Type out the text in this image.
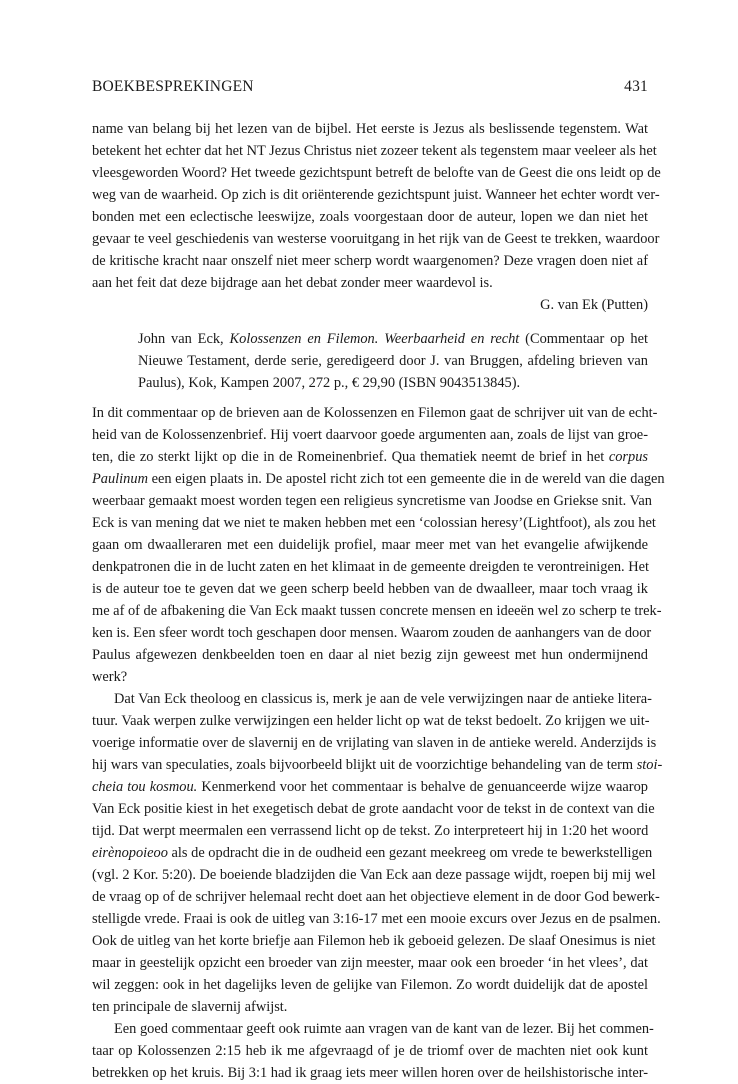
BOEKBESPREKINGEN	431
name van belang bij het lezen van de bijbel. Het eerste is Jezus als beslissende tegenstem. Wat
betekent het echter dat het NT Jezus Christus niet zozeer tekent als tegenstem maar veeleer als het
vleesgeworden Woord? Het tweede gezichtspunt betreft de belofte van de Geest die ons leidt op de
weg van de waarheid. Op zich is dit oriënterende gezichtspunt juist. Wanneer het echter wordt ver-
bonden met een eclectische leeswijze, zoals voorgestaan door de auteur, lopen we dan niet het
gevaar te veel geschiedenis van westerse vooruitgang in het rijk van de Geest te trekken, waardoor
de kritische kracht naar onszelf niet meer scherp wordt waargenomen? Deze vragen doen niet af
aan het feit dat deze bijdrage aan het debat zonder meer waardevol is.
G. van Ek (Putten)
John van Eck, Kolossenzen en Filemon. Weerbaarheid en recht (Commentaar op het
Nieuwe Testament, derde serie, geredigeerd door J. van Bruggen, afdeling brieven van
Paulus), Kok, Kampen 2007, 272 p., € 29,90 (ISBN 9043513845).
In dit commentaar op de brieven aan de Kolossenzen en Filemon gaat de schrijver uit van de echt-
heid van de Kolossenzenbrief. Hij voert daarvoor goede argumenten aan, zoals de lijst van groe-
ten, die zo sterkt lijkt op die in de Romeinenbrief. Qua thematiek neemt de brief in het corpus
Paulinum een eigen plaats in. De apostel richt zich tot een gemeente die in de wereld van die dagen
weerbaar gemaakt moest worden tegen een religieus syncretisme van Joodse en Griekse snit. Van
Eck is van mening dat we niet te maken hebben met een ‘colossian heresy’(Lightfoot), als zou het
gaan om dwaalleraren met een duidelijk profiel, maar meer met van het evangelie afwijkende
denkpatronen die in de lucht zaten en het klimaat in de gemeente dreigden te verontreinigen. Het
is de auteur toe te geven dat we geen scherp beeld hebben van de dwaalleer, maar toch vraag ik
me af of de afbakening die Van Eck maakt tussen concrete mensen en ideeën wel zo scherp te trek-
ken is. Een sfeer wordt toch geschapen door mensen. Waarom zouden de aanhangers van de door
Paulus afgewezen denkbeelden toen en daar al niet bezig zijn geweest met hun ondermijnend
werk?
Dat Van Eck theoloog en classicus is, merk je aan de vele verwijzingen naar de antieke litera-
tuur. Vaak werpen zulke verwijzingen een helder licht op wat de tekst bedoelt. Zo krijgen we uit-
voerige informatie over de slavernij en de vrijlating van slaven in de antieke wereld. Anderzijds is
hij wars van speculaties, zoals bijvoorbeeld blijkt uit de voorzichtige behandeling van de term stoi-
cheia tou kosmou. Kenmerkend voor het commentaar is behalve de genuanceerde wijze waarop
Van Eck positie kiest in het exegetisch debat de grote aandacht voor de tekst in de context van die
tijd. Dat werpt meermalen een verrassend licht op de tekst. Zo interpreteert hij in 1:20 het woord
eirènopoieoo als de opdracht die in de oudheid een gezant meekreeg om vrede te bewerkstelligen
(vgl. 2 Kor. 5:20). De boeiende bladzijden die Van Eck aan deze passage wijdt, roepen bij mij wel
de vraag op of de schrijver helemaal recht doet aan het objectieve element in de door God bewerk-
stelligde vrede. Fraai is ook de uitleg van 3:16-17 met een mooie excurs over Jezus en de psalmen.
Ook de uitleg van het korte briefje aan Filemon heb ik geboeid gelezen. De slaaf Onesimus is niet
maar in geestelijk opzicht een broeder van zijn meester, maar ook een broeder ‘in het vlees’, dat
wil zeggen: ook in het dagelijks leven de gelijke van Filemon. Zo wordt duidelijk dat de apostel
ten principale de slavernij afwijst.
Een goed commentaar geeft ook ruimte aan vragen van de kant van de lezer. Bij het commen-
taar op Kolossenzen 2:15 heb ik me afgevraagd of je de triomf over de machten niet ook kunt
betrekken op het kruis. Bij 3:1 had ik graag iets meer willen horen over de heilshistorische inter-
